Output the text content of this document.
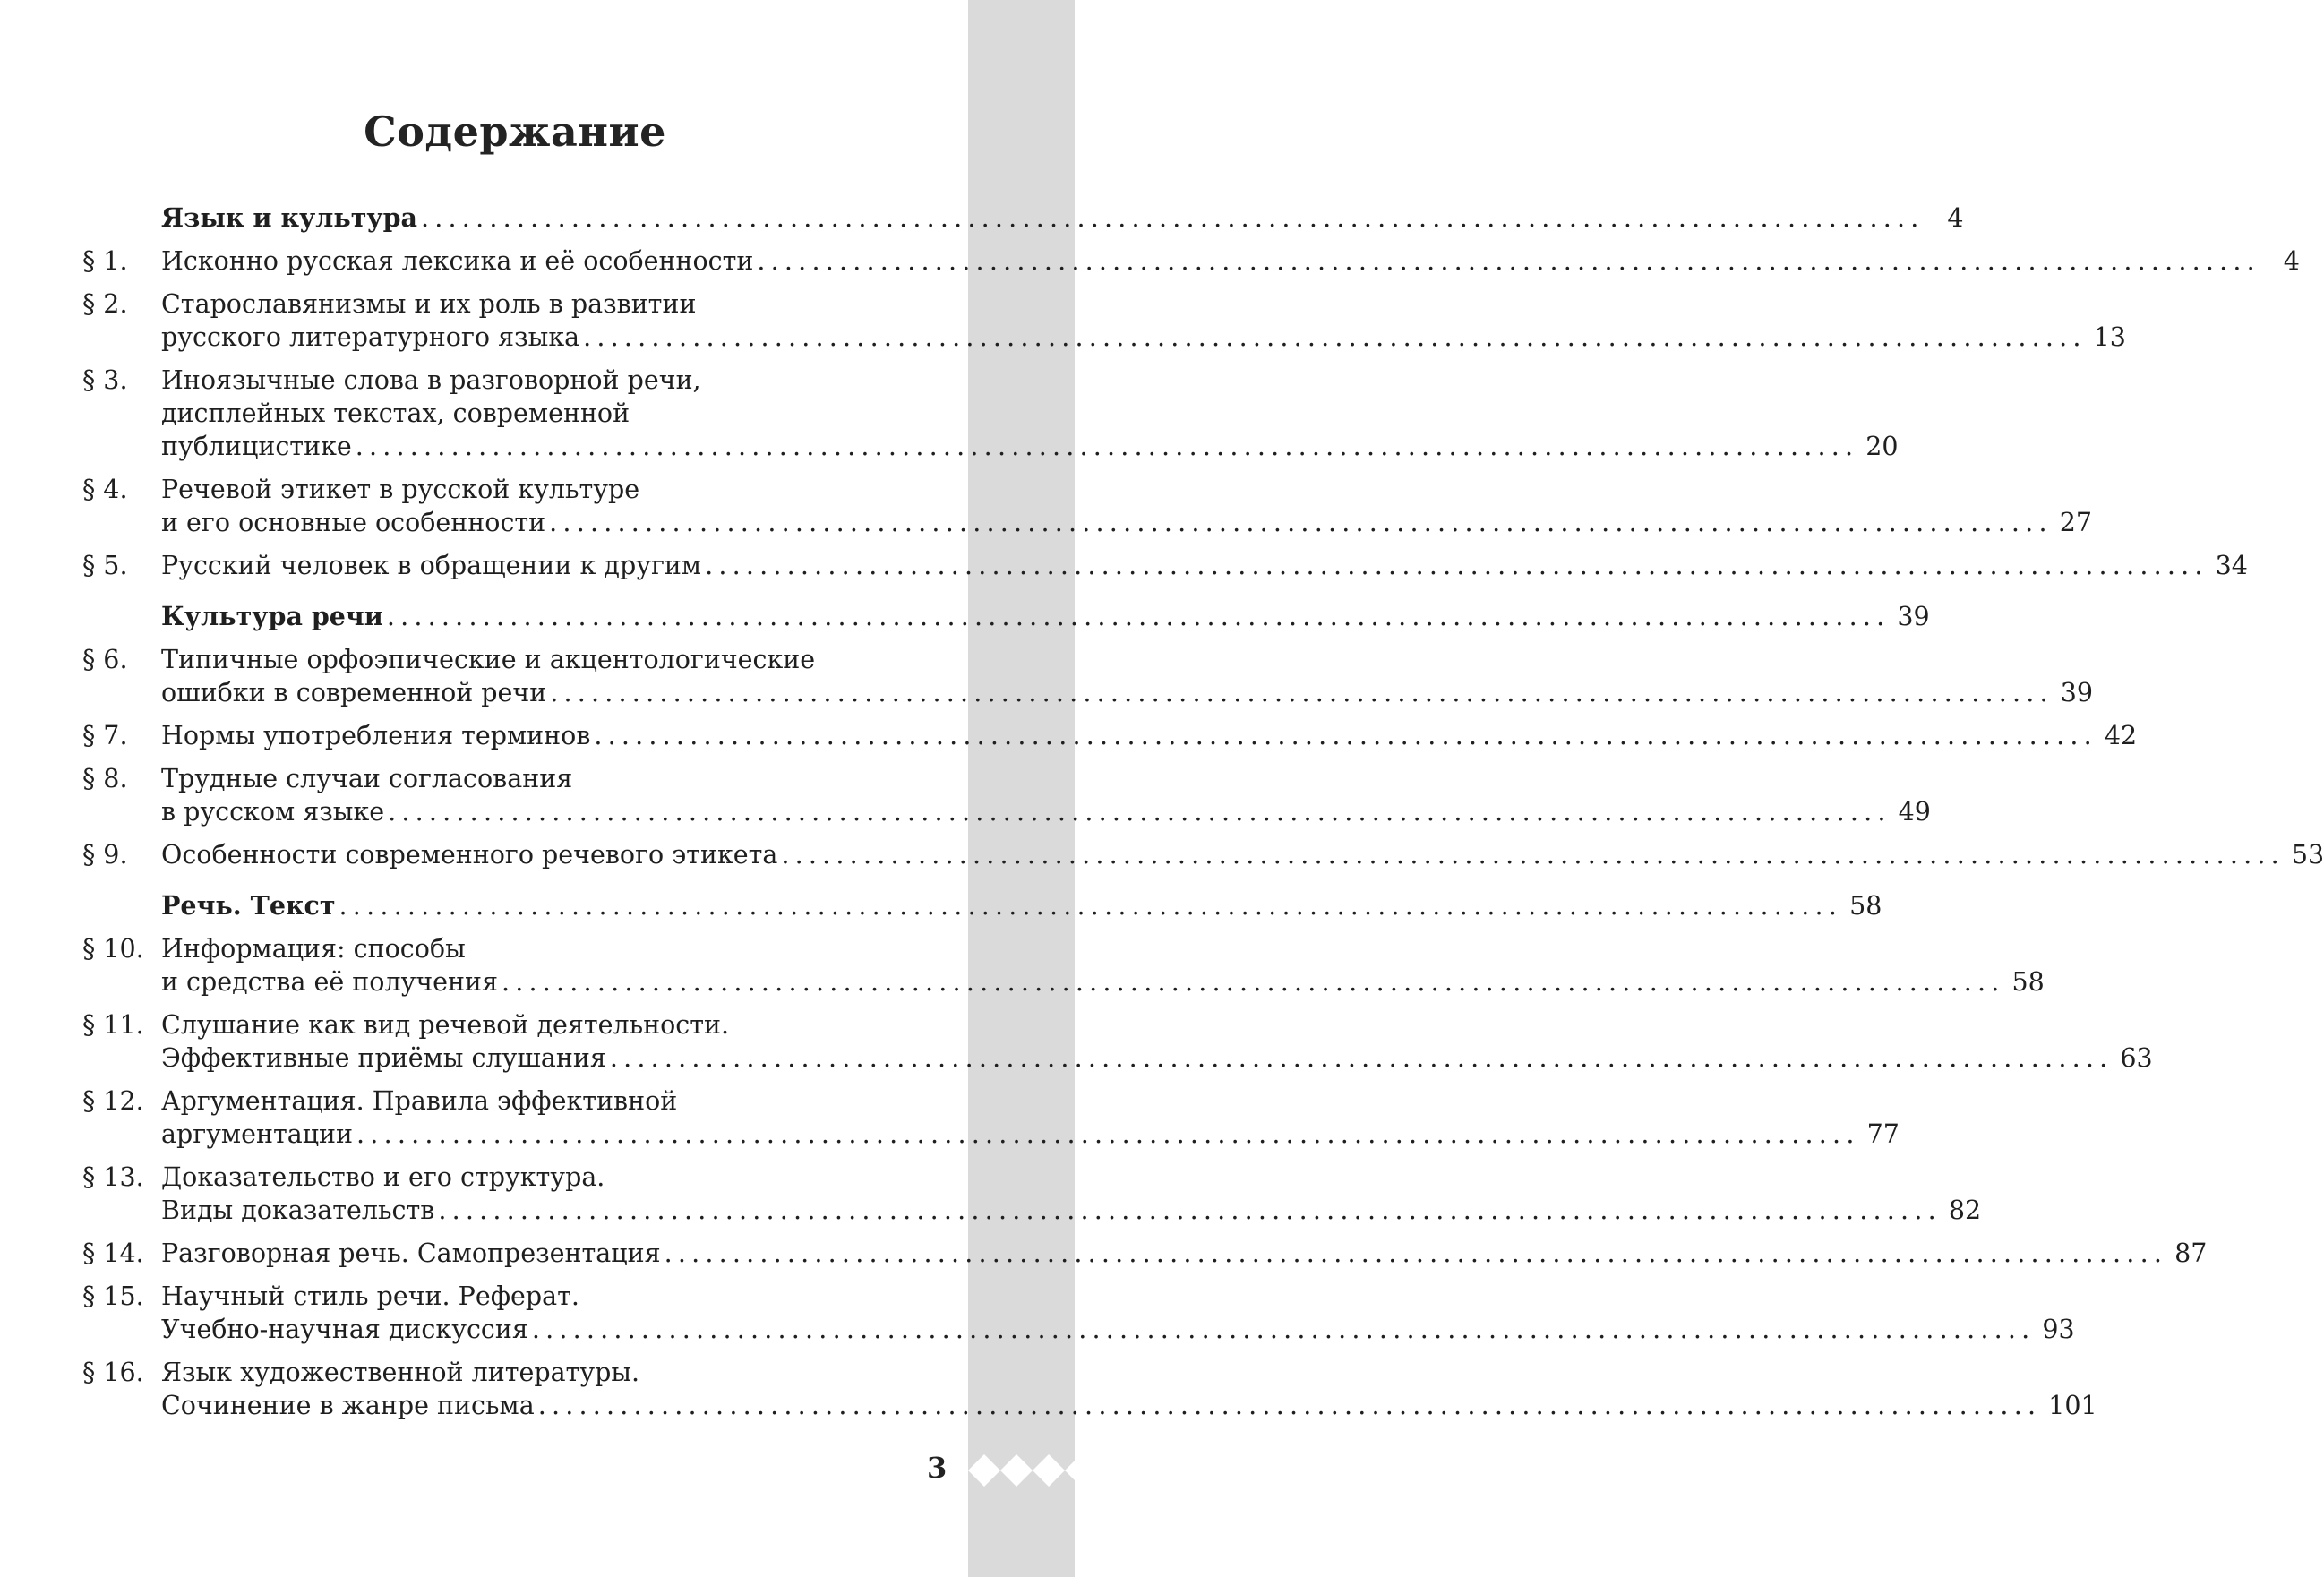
Содержание
Язык и культура .............................................................................................................. 4
§ 1.	Исконно русская лексика и её особенности .............................................................................................................. 4
§ 2.	Старославянизмы и их роль в развитии
русского литературного языка .............................................................................................................. 13
§ 3.	Иноязычные слова в разговорной речи,
дисплейных текстах, современной
публицистике .............................................................................................................. 20
§ 4.	Речевой этикет в русской культуре
и его основные особенности .............................................................................................................. 27
§ 5.	Русский человек в обращении к другим .............................................................................................................. 34
Культура речи .............................................................................................................. 39
§ 6.	Типичные орфоэпические и акцентологические
ошибки в современной речи .............................................................................................................. 39
§ 7.	Нормы употребления терминов .............................................................................................................. 42
§ 8.	Трудные случаи согласования
в русском языке .............................................................................................................. 49
§ 9.	Особенности современного речевого этикета .............................................................................................................. 53
Речь. Текст .............................................................................................................. 58
§ 10. Информация: способы
и средства её получения .............................................................................................................. 58
§ 11. Слушание как вид речевой деятельности.
Эффективные приёмы слушания .............................................................................................................. 63
§ 12. Аргументация. Правила эффективной
аргументации .............................................................................................................. 77
§ 13. Доказательство и его структура.
Виды доказательств .............................................................................................................. 82
§ 14. Разговорная речь. Самопрезентация .............................................................................................................. 87
§ 15. Научный стиль речи. Реферат.
Учебно-научная дискуссия .............................................................................................................. 93
§ 16. Язык художественной литературы.
Сочинение в жанре письма .............................................................................................................. 101
3
